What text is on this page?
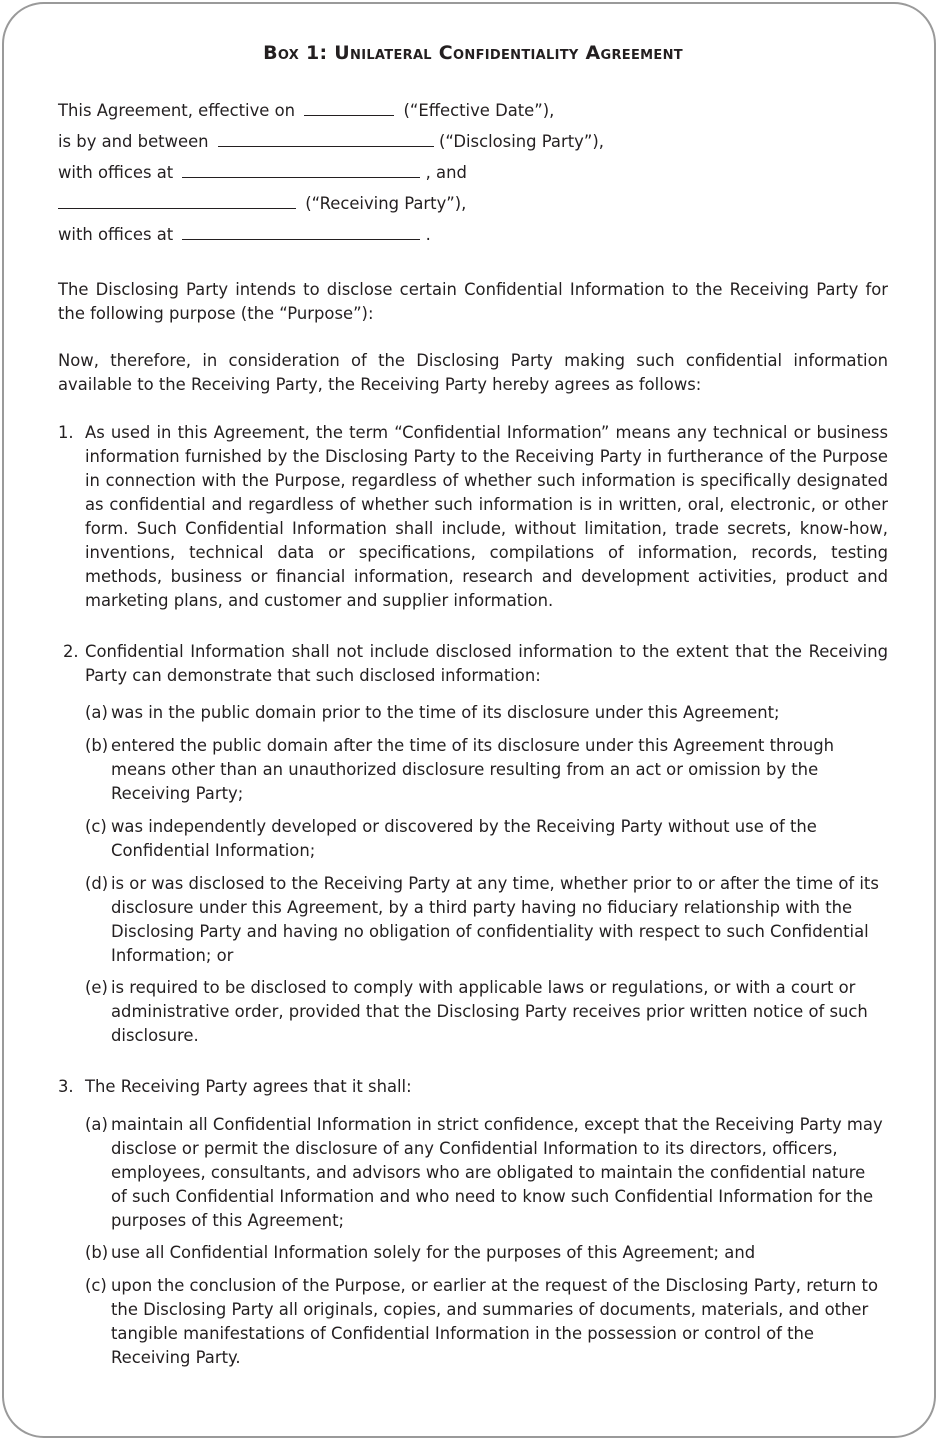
Box 1: Unilateral Confidentiality Agreement
This Agreement, effective on	(“Effective Date”),
is by and between	(“Disclosing Party”),
with offices at	, and
(“Receiving Party”),
with offices at	.
The Disclosing Party intends to disclose certain Confidential Information to the Receiving Party for the following purpose (the “Purpose”):
Now, therefore, in consideration of the Disclosing Party making such confidential information available to the Receiving Party, the Receiving Party hereby agrees as follows:
1. As used in this Agreement, the term “Confidential Information” means any technical or business information furnished by the Disclosing Party to the Receiving Party in furtherance of the Purpose in connection with the Purpose, regardless of whether such information is specifically designated as confidential and regardless of whether such information is in written, oral, electronic, or other form. Such Confidential Information shall include, without limitation, trade secrets, know-how, inventions, technical data or specifications, compilations of information, records, testing methods, business or financial information, research and development activities, product and marketing plans, and customer and supplier information.
2. Confidential Information shall not include disclosed information to the extent that the Receiving Party can demonstrate that such disclosed information:
(a) was in the public domain prior to the time of its disclosure under this Agreement;
(b) entered the public domain after the time of its disclosure under this Agreement through means other than an unauthorized disclosure resulting from an act or omission by the Receiving Party;
(c) was independently developed or discovered by the Receiving Party without use of the Confidential Information;
(d) is or was disclosed to the Receiving Party at any time, whether prior to or after the time of its disclosure under this Agreement, by a third party having no fiduciary relationship with the Disclosing Party and having no obligation of confidentiality with respect to such Confidential Information; or
(e) is required to be disclosed to comply with applicable laws or regulations, or with a court or administrative order, provided that the Disclosing Party receives prior written notice of such disclosure.
3. The Receiving Party agrees that it shall:
(a) maintain all Confidential Information in strict confidence, except that the Receiving Party may disclose or permit the disclosure of any Confidential Information to its directors, officers, employees, consultants, and advisors who are obligated to maintain the confidential nature of such Confidential Information and who need to know such Confidential Information for the purposes of this Agreement;
(b) use all Confidential Information solely for the purposes of this Agreement; and
(c) upon the conclusion of the Purpose, or earlier at the request of the Disclosing Party, return to the Disclosing Party all originals, copies, and summaries of documents, materials, and other tangible manifestations of Confidential Information in the possession or control of the Receiving Party.
